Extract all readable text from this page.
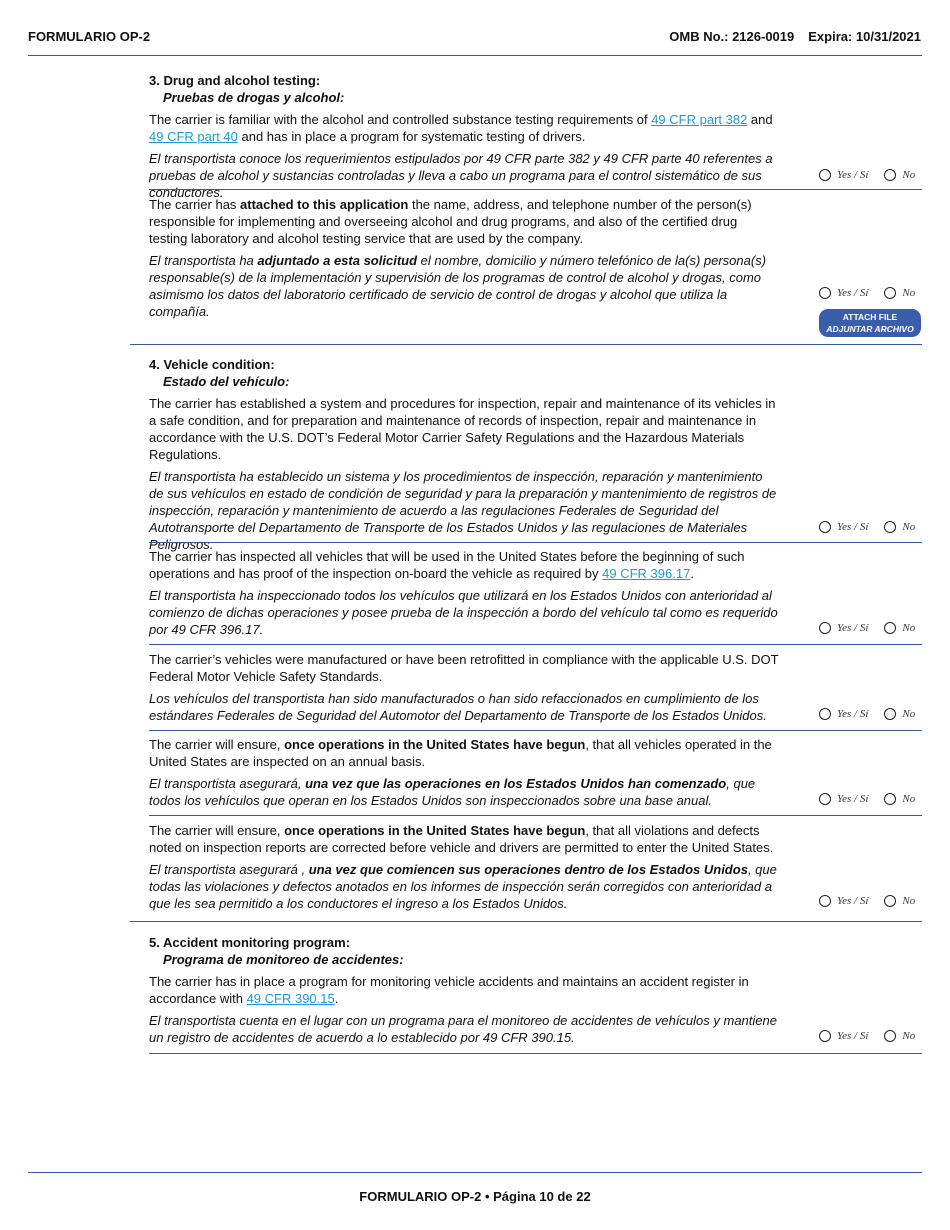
FORMULARIO OP-2	OMB No.: 2126-0019 Expira: 10/31/2021
3. Drug and alcohol testing:
Pruebas de drogas y alcohol:
The carrier is familiar with the alcohol and controlled substance testing requirements of 49 CFR part 382 and 49 CFR part 40 and has in place a program for systematic testing of drivers.
El transportista conoce los requerimientos estipulados por 49 CFR parte 382 y 49 CFR parte 40 referentes a pruebas de alcohol y sustancias controladas y lleva a cabo un programa para el control sistemático de sus conductores.
Yes / Sí	No
The carrier has attached to this application the name, address, and telephone number of the person(s) responsible for implementing and overseeing alcohol and drug programs, and also of the certified drug testing laboratory and alcohol testing service that are used by the company.
El transportista ha adjuntado a esta solicitud el nombre, domicilio y número telefónico de la(s) persona(s) responsable(s) de la implementación y supervisión de los programas de control de alcohol y drogas, como asimismo los datos del laboratorio certificado de servicio de control de drogas y alcohol que utiliza la compañía.
Yes / Sí	No
ATTACH FILE
ADJUNTAR ARCHIVO
4. Vehicle condition:
Estado del vehículo:
The carrier has established a system and procedures for inspection, repair and maintenance of its vehicles in a safe condition, and for preparation and maintenance of records of inspection, repair and maintenance in accordance with the U.S. DOT’s Federal Motor Carrier Safety Regulations and the Hazardous Materials Regulations.
El transportista ha establecido un sistema y los procedimientos de inspección, reparación y mantenimiento de sus vehículos en estado de condición de seguridad y para la preparación y mantenimiento de registros de inspección, reparación y mantenimiento de acuerdo a las regulaciones Federales de Seguridad del Autotransporte del Departamento de Transporte de los Estados Unidos y las regulaciones de Materiales Peligrosos.
Yes / Sí	No
The carrier has inspected all vehicles that will be used in the United States before the beginning of such operations and has proof of the inspection on-board the vehicle as required by 49 CFR 396.17.
El transportista ha inspeccionado todos los vehículos que utilizará en los Estados Unidos con anterioridad al comienzo de dichas operaciones y posee prueba de la inspección a bordo del vehículo tal como es requerido por 49 CFR 396.17.	Yes / Sí	No
The carrier’s vehicles were manufactured or have been retrofitted in compliance with the applicable U.S. DOT Federal Motor Vehicle Safety Standards.
Los vehículos del transportista han sido manufacturados o han sido refaccionados en cumplimiento de los estándares Federales de Seguridad del Automotor del Departamento de Transporte de los Estados Unidos.	Yes / Sí	No
The carrier will ensure, once operations in the United States have begun, that all vehicles operated in the United States are inspected on an annual basis.
El transportista asegurará, una vez que las operaciones en los Estados Unidos han comenzado, que todos los vehículos que operan en los Estados Unidos son inspeccionados sobre una base anual.	Yes / Sí	No
The carrier will ensure, once operations in the United States have begun, that all violations and defects noted on inspection reports are corrected before vehicle and drivers are permitted to enter the United States.
El transportista asegurará , una vez que comiencen sus operaciones dentro de los Estados Unidos, que todas las violaciones y defectos anotados en los informes de inspección serán corregidos con anterioridad a que les sea permitido a los conductores el ingreso a los Estados Unidos.	Yes / Sí	No
5. Accident monitoring program:
Programa de monitoreo de accidentes:
The carrier has in place a program for monitoring vehicle accidents and maintains an accident register in accordance with 49 CFR 390.15.
El transportista cuenta en el lugar con un programa para el monitoreo de accidentes de vehículos y mantiene un registro de accidentes de acuerdo a lo establecido por 49 CFR 390.15.	Yes / Sí	No
FORMULARIO OP-2 • Página 10 de 22
